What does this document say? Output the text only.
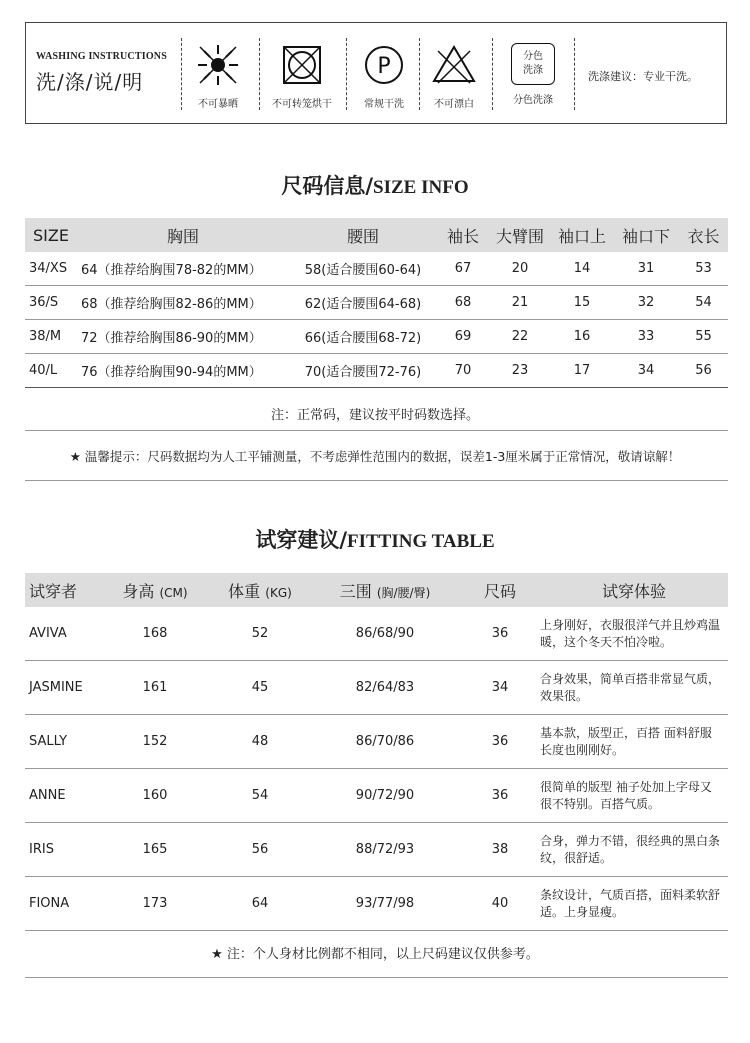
WASHING INSTRUCTIONS
洗/涤/说/明
不可暴晒	不可转笼烘干
P
常规干洗	不可漂白
分色
洗涤
分色洗涤
洗涤建议：专业干洗。
尺码信息/SIZE INFO
SIZE	胸围	腰围	袖长	大臂围	袖口上	袖口下	衣长
34/XS	64（推荐给胸围78-82的MM）	58(适合腰围60-64)	67	20	14	31	53
36/S	68（推荐给胸围82-86的MM）	62(适合腰围64-68)	68	21	15	32	54
38/M	72（推荐给胸围86-90的MM）	66(适合腰围68-72)	69	22	16	33	55
40/L	76（推荐给胸围90-94的MM）	70(适合腰围72-76)	70	23	17	34	56
注：正常码，建议按平时码数选择。
★ 温馨提示：尺码数据均为人工平铺测量，不考虑弹性范围内的数据，误差1-3厘米属于正常情况，敬请谅解！
试穿建议/FITTING TABLE
试穿者	身高 (CM)	体重 (KG)	三围 (胸/腰/臀)	尺码	试穿体验
AVIVA	168	52	86/68/90	36	上身刚好，衣服很洋气并且炒鸡温暖，这个冬天不怕冷啦。
JASMINE	161	45	82/64/83	34	合身效果，简单百搭非常显气质，效果很。
SALLY	152	48	86/70/86	36	基本款，版型正，百搭 面料舒服长度也刚刚好。
ANNE	160	54	90/72/90	36	很简单的版型 袖子处加上字母又很不特别。百搭气质。
IRIS	165	56	88/72/93	38	合身，弹力不错，很经典的黑白条纹，很舒适。
FIONA	173	64	93/77/98	40	条纹设计，气质百搭，面料柔软舒适。上身显瘦。
★ 注：个人身材比例都不相同，以上尺码建议仅供参考。
